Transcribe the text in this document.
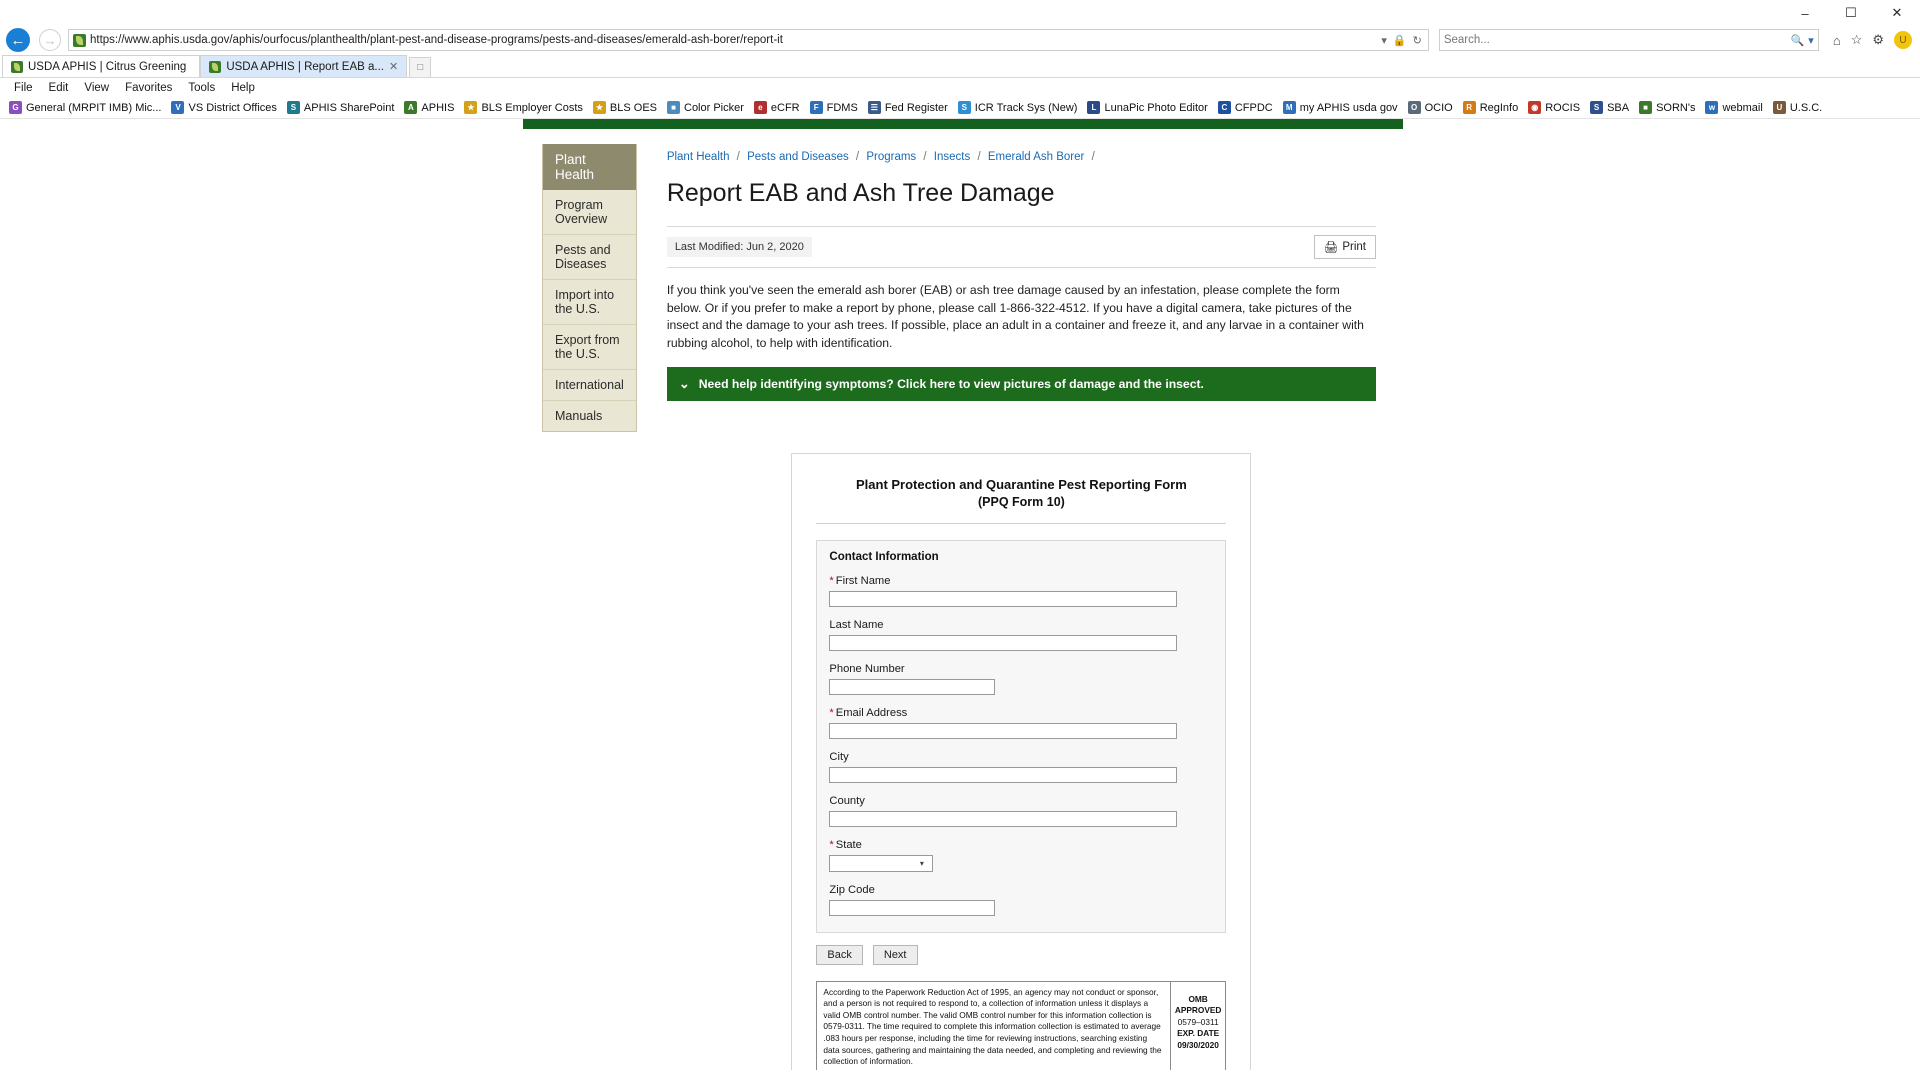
–	☐	✕
←	→	https://www.aphis.usda.gov/aphis/ourfocus/planthealth/plant-pest-and-disease-programs/pests-and-diseases/emerald-ash-borer/report-it	▾ 🔒 ↻ Search...	🔍 ▾ ⌂ ☆ ⚙	U
USDA APHIS | Citrus Greening	USDA APHIS | Report EAB a... ✕	□
File	Edit	View	Favorites	Tools	Help
G General (MRPIT IMB) Mic...	V VS District Offices	S APHIS SharePoint	A APHIS	★ BLS Employer Costs	★ BLS OES	■ Color Picker	e eCFR	F FDMS	☰ Fed Register	S ICR Track Sys (New)	L LunaPic Photo Editor	C CFPDC	M my APHIS usda gov	O OCIO	R RegInfo	◉ ROCIS	S SBA	■ SORN's	w webmail	U U.S.C.
Plant Health
Program Overview
Pests and Diseases
Import into the U.S.
Export from the U.S.
International
Manuals
Plant Health / Pests and Diseases / Programs / Insects / Emerald Ash Borer /
Report EAB and Ash Tree Damage
Last Modified: Jun 2, 2020	🖨 Print

If you think you've seen the emerald ash borer (EAB) or ash tree damage caused by an infestation, please complete the form below. Or if you prefer to make a report by phone, please call 1-866-322-4512. If you have a digital camera, take pictures of the insect and the damage to your ash trees. If possible, place an adult in a container and freeze it, and any larvae in a container with rubbing alcohol, to help with identification.

⌄ Need help identifying symptoms? Click here to view pictures of damage and the insect.
Plant Protection and Quarantine Pest Reporting Form
(PPQ Form 10)
Contact Information
* First Name
Last Name
Phone Number
* Email Address
City
County
* State
▾
Zip Code
Back	Next
According to the Paperwork Reduction Act of 1995, an agency may not conduct or sponsor, and a person is not required to respond to, a collection of information unless it displays a valid OMB control number. The valid OMB control number for this information collection is 0579-0311. The time required to complete this information collection is estimated to average .083 hours per response, including the time for reviewing instructions, searching existing data sources, gathering and maintaining the data needed, and completing and reviewing the collection of information.
OMB APPROVED
0579–0311
EXP. DATE 09/30/2020
